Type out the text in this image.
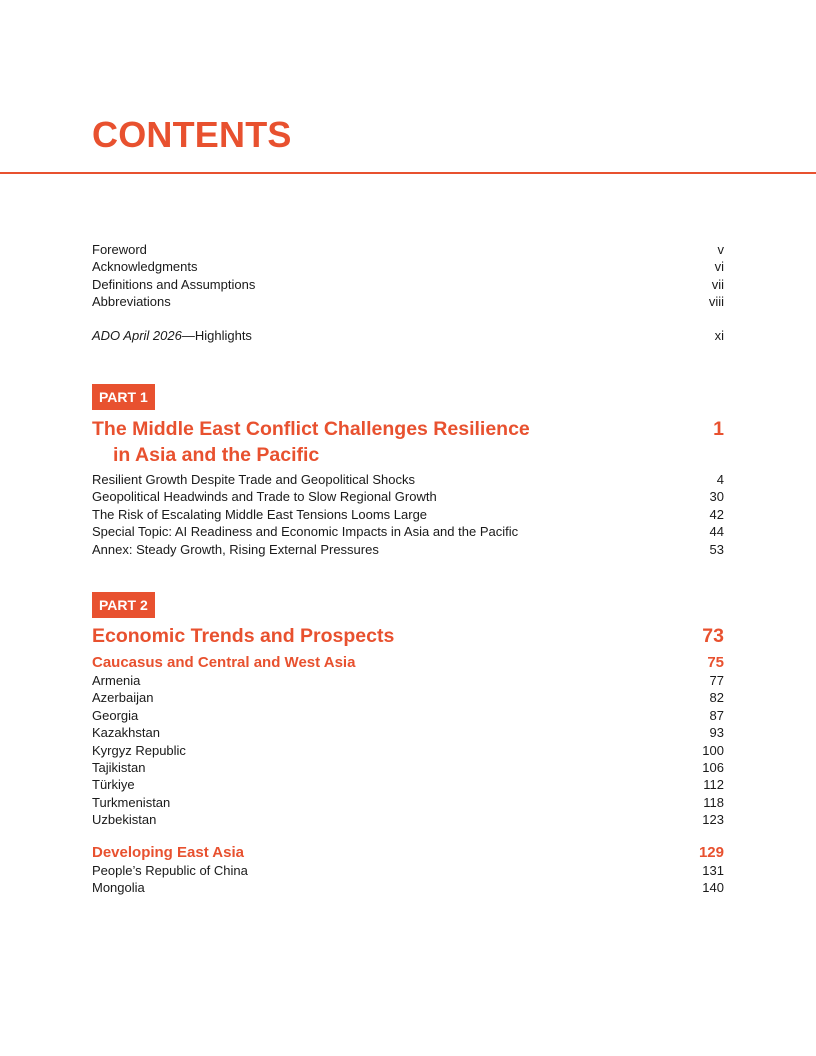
CONTENTS
Foreword	v
Acknowledgments	vi
Definitions and Assumptions	vii
Abbreviations	viii
ADO April 2026—Highlights	xi
PART 1
The Middle East Conflict Challenges Resilience
in Asia and the Pacific
1
Resilient Growth Despite Trade and Geopolitical Shocks	4
Geopolitical Headwinds and Trade to Slow Regional Growth	30
The Risk of Escalating Middle East Tensions Looms Large	42
Special Topic: AI Readiness and Economic Impacts in Asia and the Pacific	44
Annex: Steady Growth, Rising External Pressures	53
PART 2
Economic Trends and Prospects	73
Caucasus and Central and West Asia	75
Armenia	77
Azerbaijan	82
Georgia	87
Kazakhstan	93
Kyrgyz Republic	100
Tajikistan	106
Türkiye	112
Turkmenistan	118
Uzbekistan	123
Developing East Asia	129
People’s Republic of China	131
Mongolia	140
